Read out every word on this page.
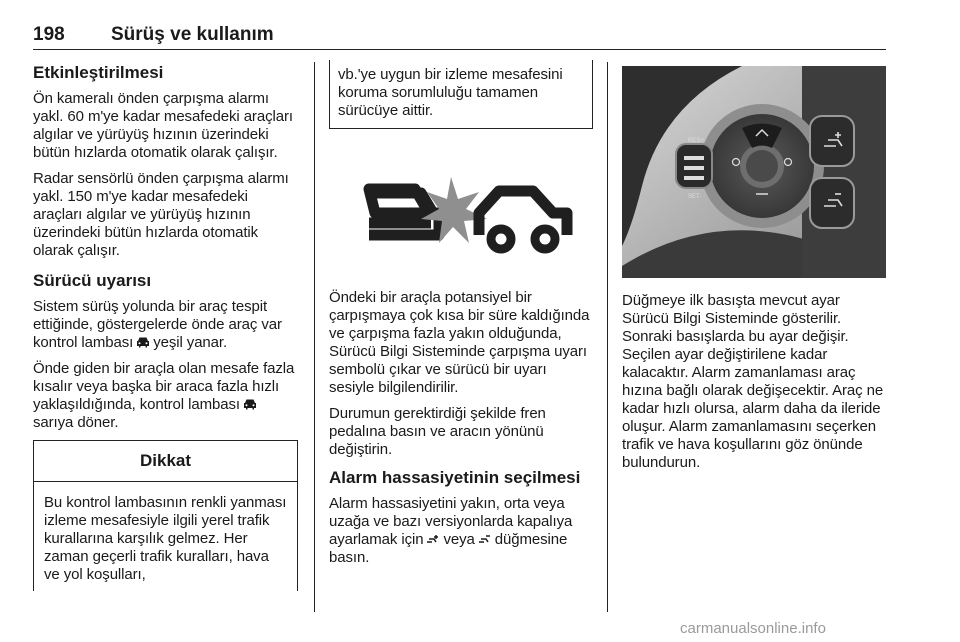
198 Sürüş ve kullanım
Etkinleştirilmesi

Ön kameralı önden çarpışma alarmı yakl. 60 m'ye kadar mesafedeki araçları algılar ve yürüyüş hızının üzerindeki bütün hızlarda otomatik olarak çalışır.

Radar sensörlü önden çarpışma alarmı yakl. 150 m'ye kadar mesafedeki araçları algılar ve yürüyüş hızının üzerindeki bütün hızlarda otomatik olarak çalışır.

Sürücü uyarısı

Sistem sürüş yolunda bir araç tespit ettiğinde, göstergelerde önde araç var kontrol lambası yeşil yanar.

Önde giden bir araçla olan mesafe fazla kısalır veya başka bir araca fazla hızlı yaklaşıldığında, kontrol lambasısarıya döner.

Dikkat

Bu kontrol lambasının renkli yanması izleme mesafesiyle ilgili yerel trafik kurallarına karşılık gelmez. Her zaman geçerli trafik kuralları, hava ve yol koşulları,

vb.'ye uygun bir izleme mesafesini koruma sorumluluğu tamamen sürücüye aittir.

Öndeki bir araçla potansiyel bir çarpışmaya çok kısa bir süre kaldığında ve çarpışma fazla yakın olduğunda, Sürücü Bilgi Sisteminde çarpışma uyarı sembolü çıkar ve sürücü bir uyarı sesiyle bilgilendirilir.

Durumun gerektirdiği şekilde fren pedalına basın ve aracın yönünü değiştirin.

Alarm hassasiyetinin seçilmesi

Alarm hassasiyetini yakın, orta veya uzağa ve bazı versiyonlarda kapalıya ayarlamak için veya düğmesine basın.

RES+
SET-

Düğmeye ilk basışta mevcut ayar Sürücü Bilgi Sisteminde gösterilir. Sonraki basışlarda bu ayar değişir. Seçilen ayar değiştirilene kadar kalacaktır. Alarm zamanlaması araç hızına bağlı olarak değişecektir. Araç ne kadar hızlı olursa, alarm daha da ileride oluşur. Alarm zamanlamasını seçerken trafik ve hava koşullarını göz önünde bulundurun.

carmanualsonline.info
